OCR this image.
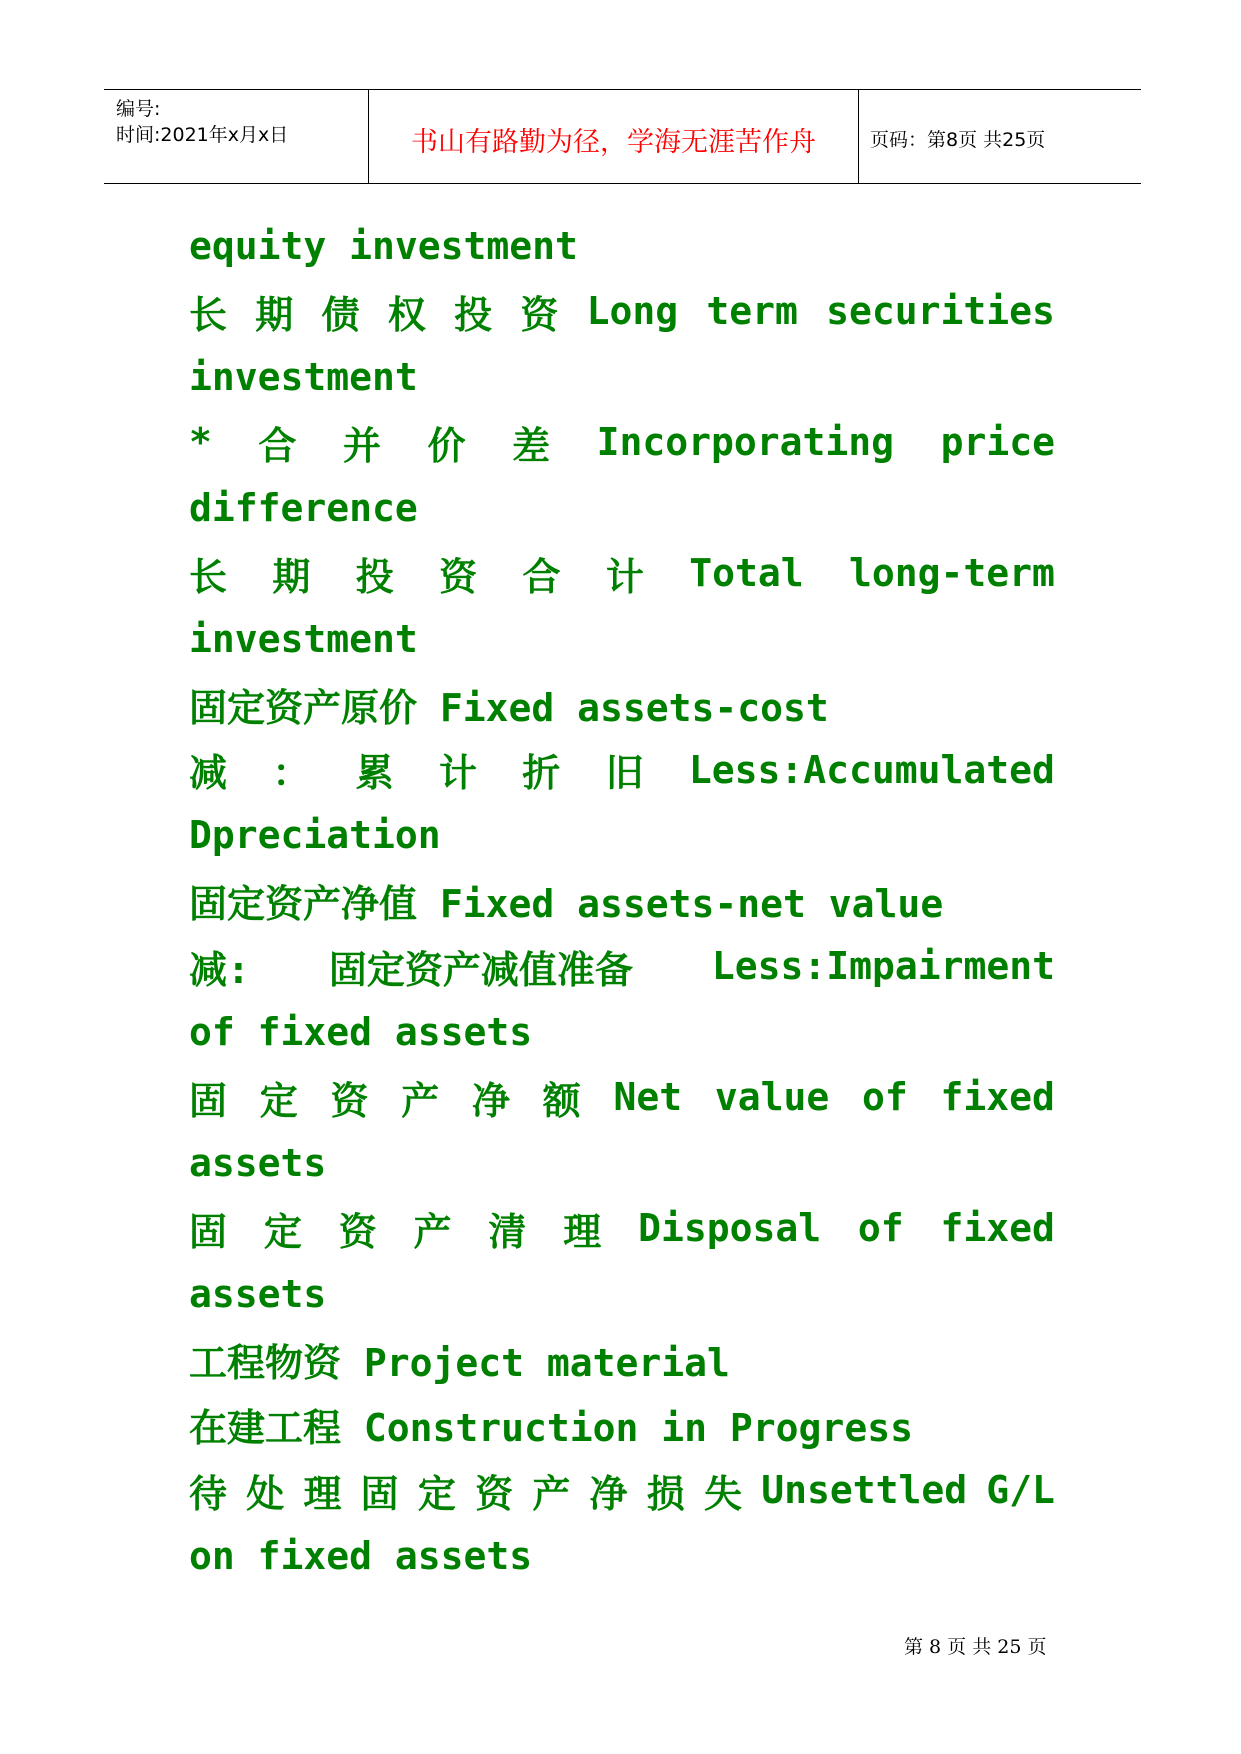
编号:
时间:2021年x月x日	书山有路勤为径，学海无涯苦作舟	页码：第8页 共25页
equity investment
长 期 债 权 投 资 Long term securities
investment
* 合 并 价 差 Incorporating price
difference
长 期 投 资 合 计 Total long-term
investment
固定资产原价 Fixed assets-cost
减 ： 累 计 折 旧 Less:Accumulated
Dpreciation
固定资产净值 Fixed assets-net value
减: 固定资产减值准备 Less:Impairment
of fixed assets
固 定 资 产 净 额 Net value of fixed
assets
固 定 资 产 清 理 Disposal of fixed
assets
工程物资 Project material
在建工程 Construction in Progress
待 处 理 固 定 资 产 净 损 失 Unsettled G/L
on fixed assets
第 8 页 共 25 页
